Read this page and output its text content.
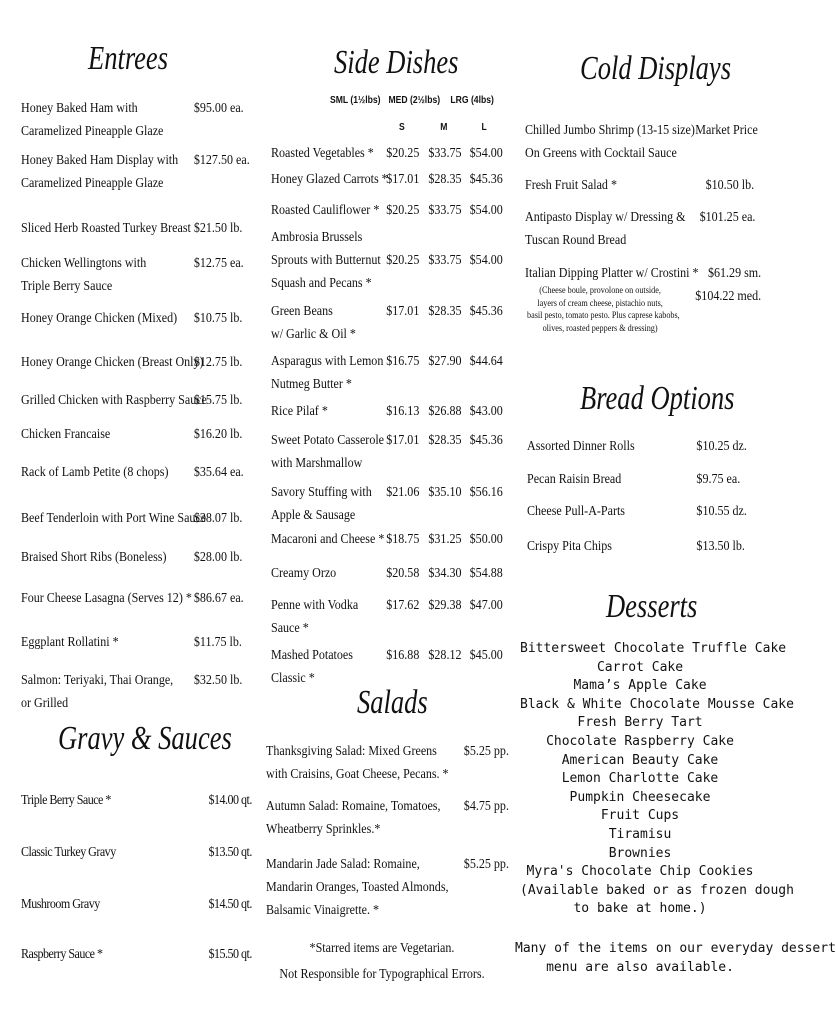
Entrees
Honey Baked Ham with
Caramelized Pineapple Glaze
$95.00 ea.
Honey Baked Ham Display with
Caramelized Pineapple Glaze
$127.50 ea.
Sliced Herb Roasted Turkey Breast $21.50 lb.
Chicken Wellingtons with
Triple Berry Sauce
$12.75 ea.
Honey Orange Chicken (Mixed) $10.75 lb.
Honey Orange Chicken (Breast Only)
$12.75 lb.
Grilled Chicken with Raspberry Sauce
$15.75 lb.
Chicken Francaise	$16.20 lb.
Rack of Lamb Petite (8 chops) $35.64 ea.
Beef Tenderloin with Port Wine Sauce
$38.07 lb.
Braised Short Ribs (Boneless) $28.00 lb.
Four Cheese Lasagna (Serves 12) * $86.67 ea.
Eggplant Rollatini *	$11.75 lb.
Salmon: Teriyaki, Thai Orange,
or Grilled
$32.50 lb.
Gravy & Sauces
Triple Berry Sauce *	$14.00 qt.
Classic Turkey Gravy	$13.50 qt.
Mushroom Gravy	$14.50 qt.
Raspberry Sauce *	$15.50 qt.
Side Dishes
SML (1½lbs) MED (2½lbs) LRG (4lbs)
S	M	L
Roasted Vegetables * $20.25 $33.75 $54.00
Honey Glazed Carrots *
$17.01 $28.35 $45.36
Roasted Cauliflower * $20.25 $33.75 $54.00
Ambrosia Brussels
Sprouts with Butternut
Squash and Pecans *
$20.25 $33.75 $54.00
Green Beans
w/ Garlic & Oil *
$17.01 $28.35 $45.36
Asparagus with Lemon
Nutmeg Butter *
$16.75 $27.90 $44.64
Rice Pilaf *	$16.13 $26.88 $43.00
Sweet Potato Casserole
with Marshmallow
$17.01 $28.35 $45.36
Savory Stuffing with
Apple & Sausage
$21.06 $35.10 $56.16
Macaroni and Cheese * $18.75 $31.25 $50.00
Creamy Orzo	$20.58 $34.30 $54.88
Penne with Vodka
Sauce *
$17.62 $29.38 $47.00
Mashed Potatoes
Classic *
$16.88 $28.12 $45.00
Salads
Thanksgiving Salad: Mixed Greens
with Craisins, Goat Cheese, Pecans. *
$5.25 pp.
Autumn Salad: Romaine, Tomatoes,
Wheatberry Sprinkles.*
$4.75 pp.
Mandarin Jade Salad: Romaine,
Mandarin Oranges, Toasted Almonds,
Balsamic Vinaigrette. *
$5.25 pp.
*Starred items are Vegetarian.
Not Responsible for Typographical Errors.
Cold Displays
Chilled Jumbo Shrimp (13-15 size)
On Greens with Cocktail Sauce
Market Price
Fresh Fruit Salad *	$10.50 lb.
Antipasto Display w/ Dressing &
Tuscan Round Bread
$101.25 ea.
Italian Dipping Platter w/ Crostini * $61.29 sm.
$104.22 med.
(Cheese boule, provolone on outside,
layers of cream cheese, pistachio nuts,
basil pesto, tomato pesto. Plus caprese kabobs,
olives, roasted peppers & dressing)
Bread Options
Assorted Dinner Rolls	$10.25 dz.
Pecan Raisin Bread	$9.75 ea.
Cheese Pull-A-Parts	$10.55 dz.
Crispy Pita Chips	$13.50 lb.
Desserts
Bittersweet Chocolate Truffle Cake
Carrot Cake
Mama’s Apple Cake
Black & White Chocolate Mousse Cake
Fresh Berry Tart
Chocolate Raspberry Cake
American Beauty Cake
Lemon Charlotte Cake
Pumpkin Cheesecake
Fruit Cups
Tiramisu
Brownies
Myra's Chocolate Chip Cookies
(Available baked or as frozen dough
to bake at home.)
Many of the items on our everyday dessert
menu are also available.
